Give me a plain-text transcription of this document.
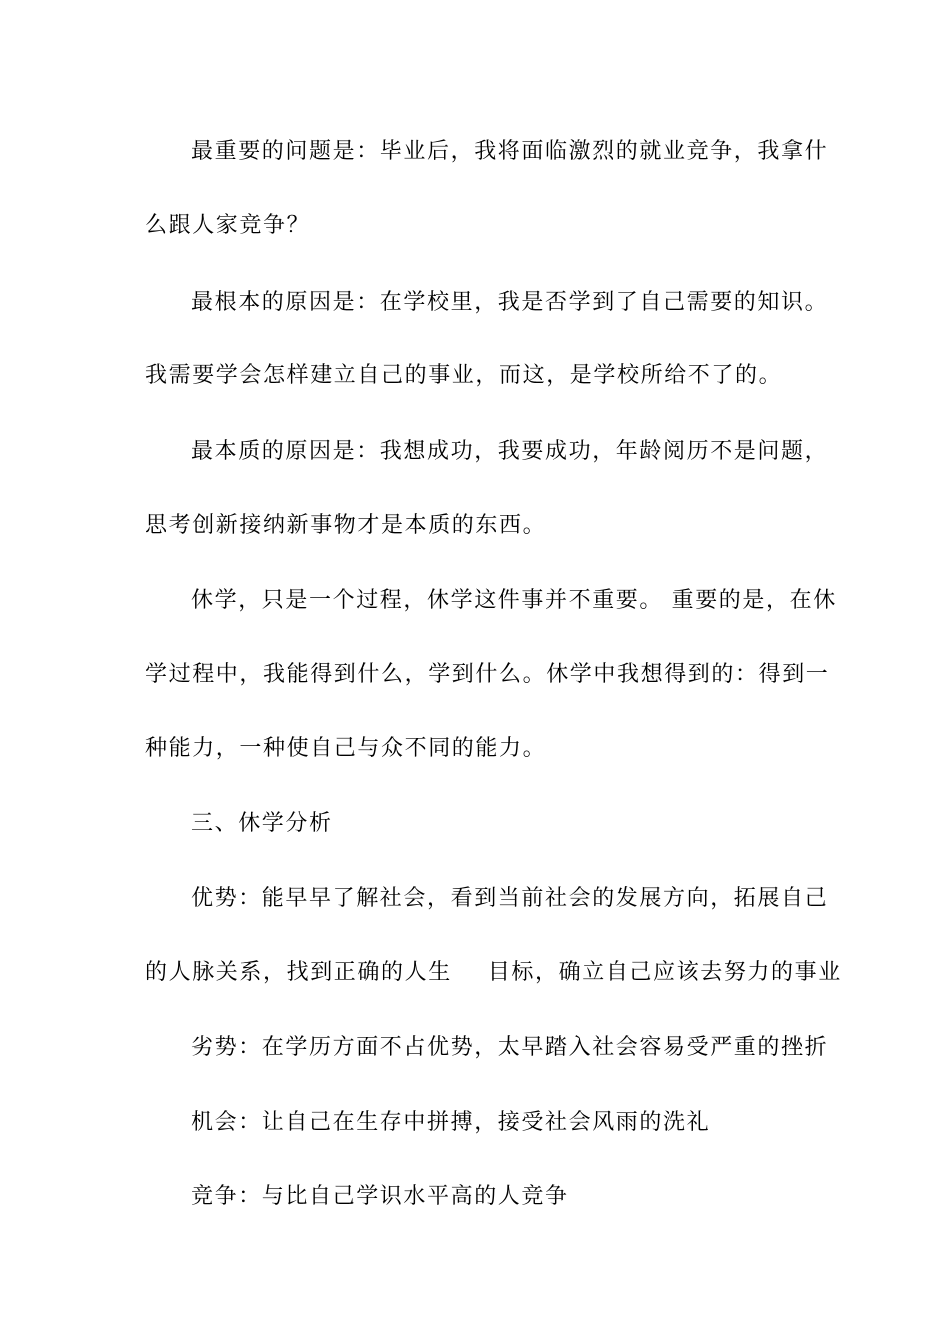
最重要的问题是：毕业后，我将面临激烈的就业竞争，我拿什
么跟人家竞争？
最根本的原因是：在学校里，我是否学到了自己需要的知识。
我需要学会怎样建立自己的事业，而这，是学校所给不了的。
最本质的原因是：我想成功，我要成功，年龄阅历不是问题，
思考创新接纳新事物才是本质的东西。
休学，只是一个过程，休学这件事并不重要。 重要的是，在休
学过程中，我能得到什么，学到什么。休学中我想得到的：得到一
种能力，一种使自己与众不同的能力。
三、休学分析
优势：能早早了解社会，看到当前社会的发展方向，拓展自己
的人脉关系，找到正确的人生 目标，确立自己应该去努力的事业
劣势：在学历方面不占优势，太早踏入社会容易受严重的挫折
机会：让自己在生存中拼搏，接受社会风雨的洗礼
竞争：与比自己学识水平高的人竞争
